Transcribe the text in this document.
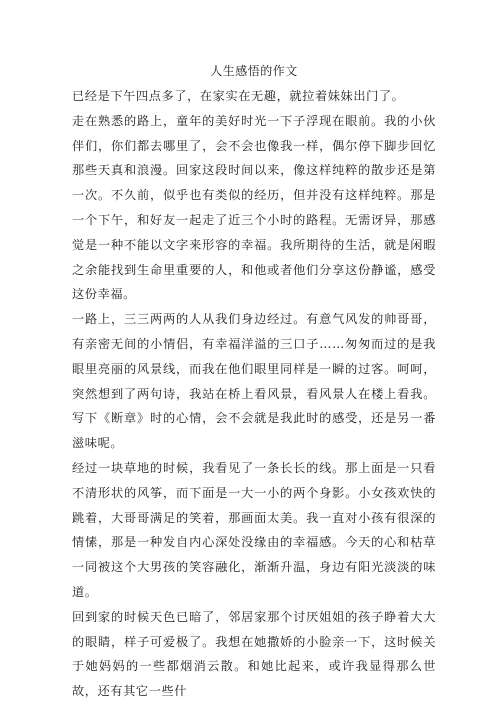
人生感悟的作文

已经是下午四点多了，在家实在无趣，就拉着妹妹出门了。

走在熟悉的路上，童年的美好时光一下子浮现在眼前。我的小伙伴们，你们都去哪里了，会不会也像我一样，偶尔停下脚步回忆那些天真和浪漫。回家这段时间以来，像这样纯粹的散步还是第一次。不久前，似乎也有类似的经历，但并没有这样纯粹。那是一个下午，和好友一起走了近三个小时的路程。无需讶异，那感觉是一种不能以文字来形容的幸福。我所期待的生活，就是闲暇之余能找到生命里重要的人，和他或者他们分享这份静谧，感受这份幸福。

一路上，三三两两的人从我们身边经过。有意气风发的帅哥哥，有亲密无间的小情侣，有幸福洋溢的三口子……匆匆而过的是我眼里亮丽的风景线，而我在他们眼里同样是一瞬的过客。呵呵，突然想到了两句诗，我站在桥上看风景，看风景人在楼上看我。写下《断章》时的心情，会不会就是我此时的感受，还是另一番滋味呢。

经过一块草地的时候，我看见了一条长长的线。那上面是一只看不清形状的风筝，而下面是一大一小的两个身影。小女孩欢快的跳着，大哥哥满足的笑着，那画面太美。我一直对小孩有很深的情愫，那是一种发自内心深处没缘由的幸福感。今天的心和枯草一同被这个大男孩的笑容融化，渐渐升温，身边有阳光淡淡的味道。

回到家的时候天色已暗了，邻居家那个讨厌姐姐的孩子睁着大大的眼睛，样子可爱极了。我想在她撒娇的小脸亲一下，这时候关于她妈妈的一些都烟消云散。和她比起来，或许我显得那么世故，还有其它一些什
